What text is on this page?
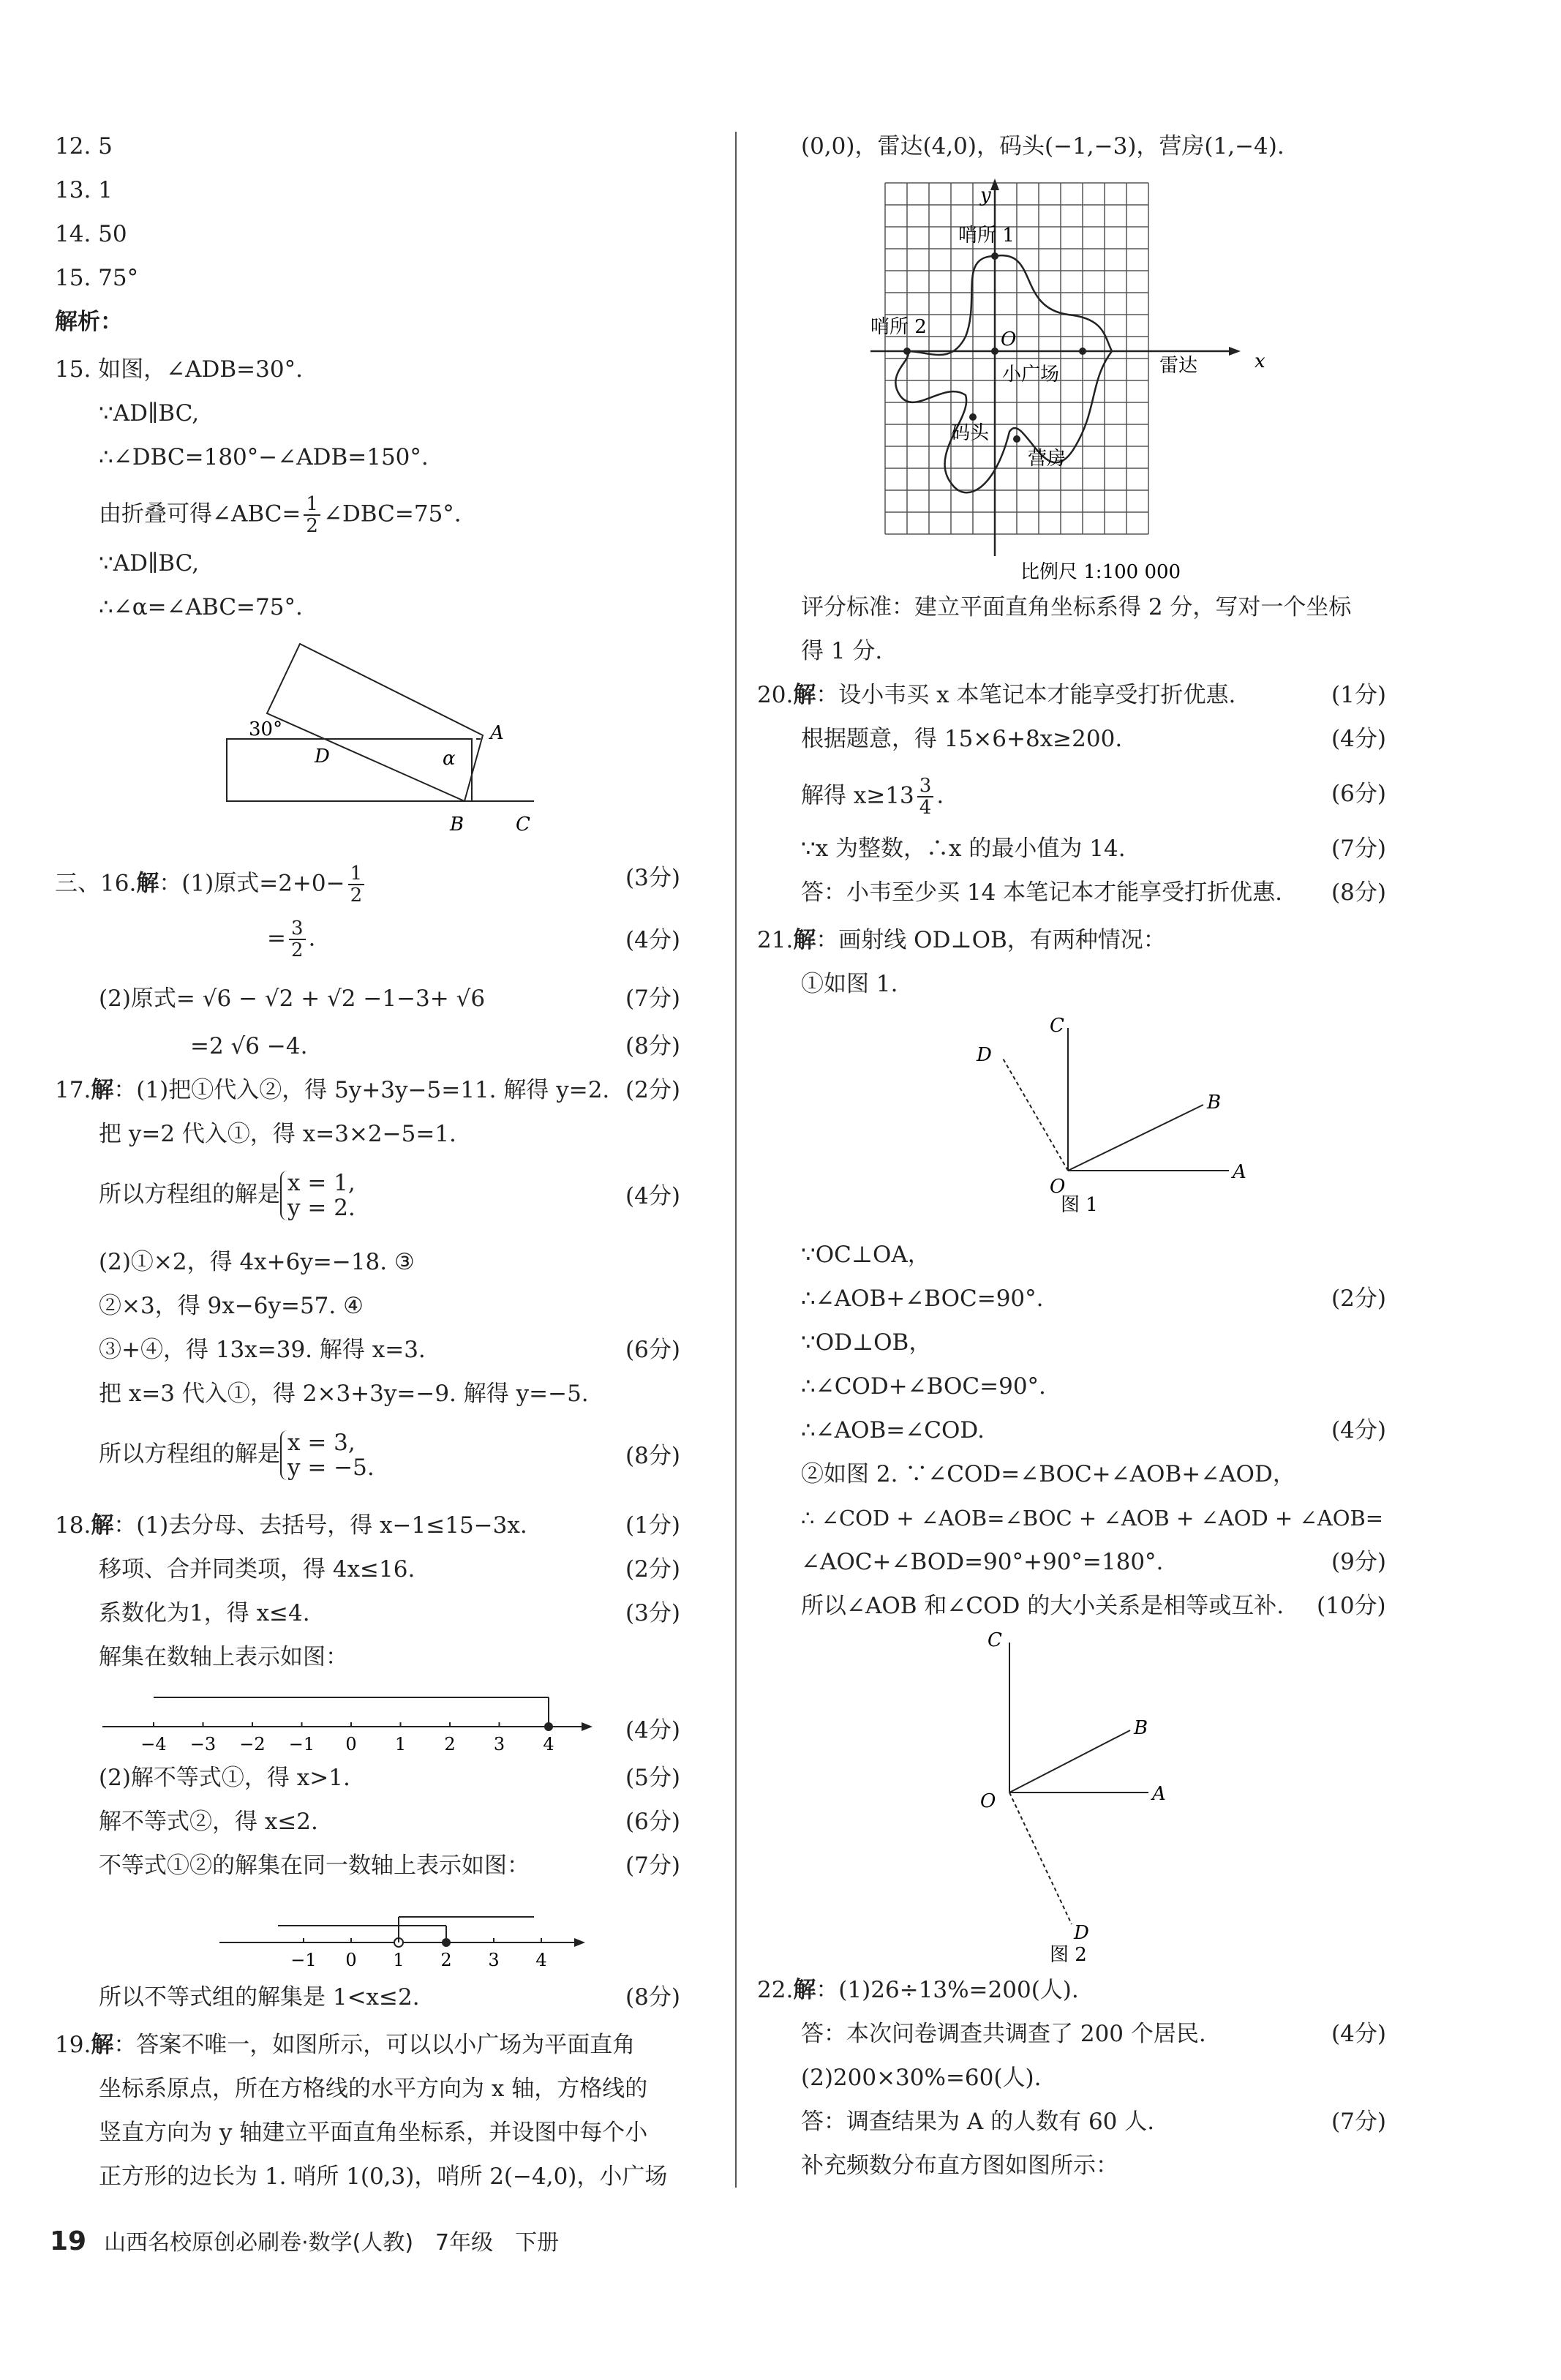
12. 5
13. 1
14. 50
15. 75°
解析：
15. 如图，∠ADB=30°.
∵AD∥BC,
∴∠DBC=180°−∠ADB=150°.
由折叠可得∠ABC= $\frac{1}{2}$ ∠DBC=75°.
∵AD∥BC,
∴∠α=∠ABC=75°.
30°
D	α
A
B	C
三、16.解：(1)原式$=2+0- \frac{1}{2}$
= $\frac{3}{2}$ .
(2)原式= √6 − √2 + √2 −1−3+ √6
=2 √6 −4.
17.解：(1)把①代入②，得 5y+3y−5=11. 解得 y=2.
把 y=2 代入①，得 x=3×2−5=1.
所以方程组的解是 x = 1,
y = 2.
(2)①×2，得 4x+6y=−18. ③
②×3，得 9x−6y=57. ④
③+④，得 13x=39. 解得 x=3.
把 x=3 代入①，得 2×3+3y=−9. 解得 y=−5.
所以方程组的解是 x = 3,
y = −5.
18.解：(1)去分母、去括号，得 x−1≤15−3x.
移项、合并同类项，得 4x≤16.
系数化为1，得 x≤4.
解集在数轴上表示如图：
−4 −3 −2 −1 0 1 2 3 4
(2)解不等式①，得 x>1.
解不等式②，得 x≤2.
不等式①②的解集在同一数轴上表示如图：
−1 0 1 2 3 4
所以不等式组的解集是 1<x≤2.
19.解：答案不唯一，如图所示，可以以小广场为平面直角
坐标系原点，所在方格线的水平方向为 x 轴，方格线的
竖直方向为 y 轴建立平面直角坐标系，并设图中每个小
正方形的边长为 1. 哨所 1(0,3)，哨所 2(−4,0)，小广场
(3分)
(4分)
(7分)
(8分)
(2分)
(4分)
(6分)
(8分)
(1分)
(2分)
(3分)
(4分)
(5分)
(6分)
(7分)
(8分)
(0,0)，雷达(4,0)，码头(−1,−3)，营房(1,−4).
y
x
O
哨所 1
哨所 2
小广场	雷达
码头
营房
比例尺 1:100 000
评分标准：建立平面直角坐标系得 2 分，写对一个坐标
得 1 分.
20.解：设小韦买 x 本笔记本才能享受打折优惠.
根据题意，得 15×6+8x≥200.
解得 $x\ge 13 \frac{3}{4}$ .
∵x 为整数，∴x 的最小值为 14.
答：小韦至少买 14 本笔记本才能享受打折优惠.
21.解：画射线 OD⊥OB，有两种情况：
①如图 1.
C
D
B
O
A
图 1
∵OC⊥OA，
∴∠AOB+∠BOC=90°.
∵OD⊥OB，
∴∠COD+∠BOC=90°.
∴∠AOB=∠COD.
②如图 2. ∵∠COD=∠BOC+∠AOB+∠AOD，
∴ ∠COD + ∠AOB=∠BOC + ∠AOB + ∠AOD + ∠AOB=
∠AOC+∠BOD=90°+90°=180°.
所以∠AOB 和∠COD 的大小关系是相等或互补.
C
B
O	A
D
图 2
22.解：(1)26÷13%=200(人).
答：本次问卷调查共调查了 200 个居民.
(2)200×30%=60(人).
答：调查结果为 A 的人数有 60 人.
补充频数分布直方图如图所示：
(1分)
(4分)
(6分)
(7分)
(8分)
(2分)
(4分)
(9分)
(10分)
(4分)
(7分)
19 山西名校原创必刷卷·数学(人教)　7年级　下册
